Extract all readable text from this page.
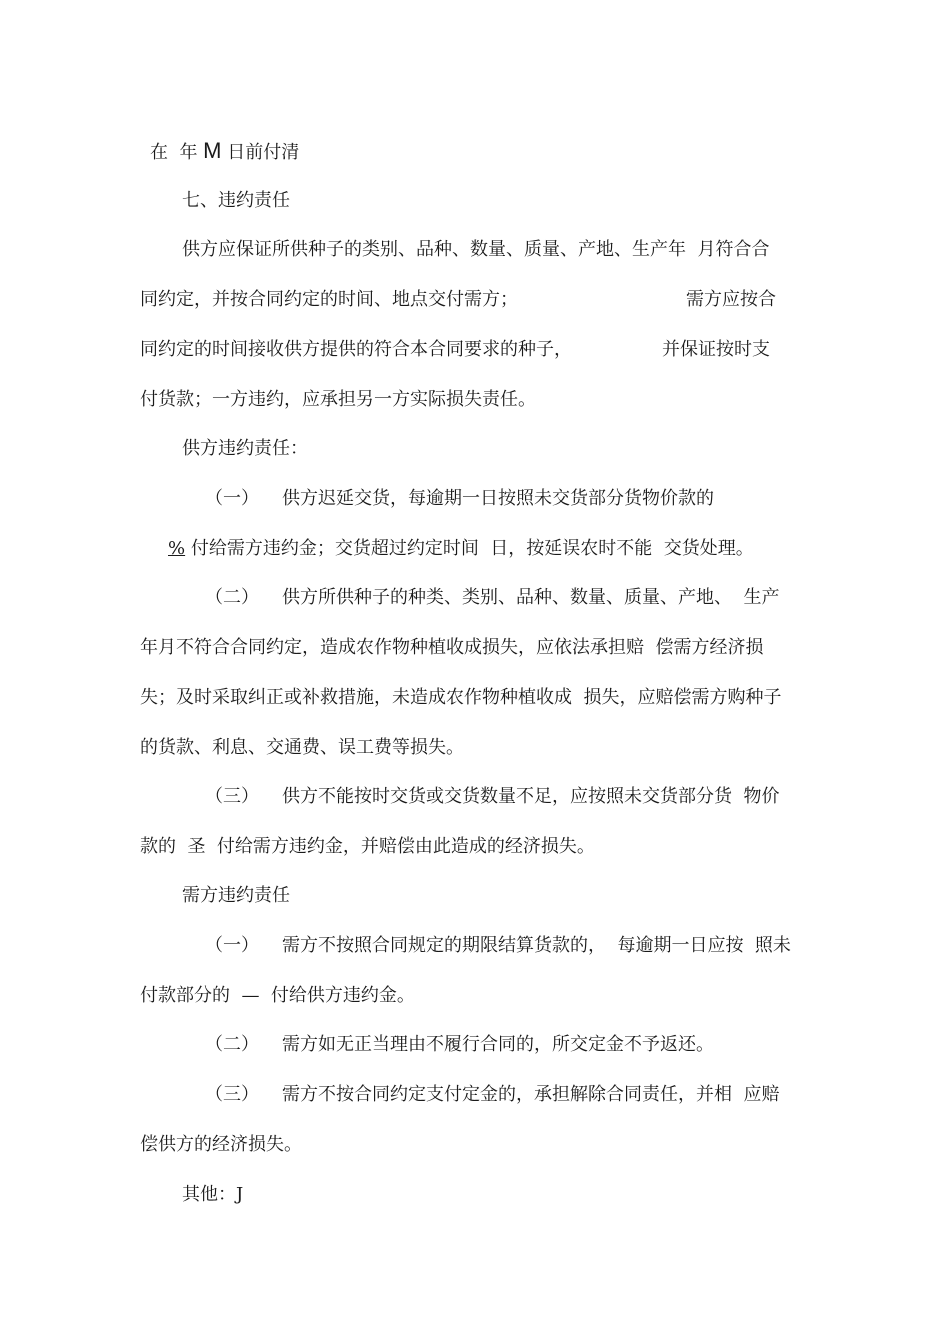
在  年 M 日前付清
七、违约责任
供方应保证所供种子的类别、品种、数量、质量、产地、生产年  月符合合
同约定，并按合同约定的时间、地点交付需方；	需方应按合
同约定的时间接收供方提供的符合本合同要求的种子，	并保证按时支
付货款；一方违约，应承担另一方实际损失责任。
供方违约责任：
（一） 供方迟延交货，每逾期一日按照未交货部分货物价款的
% 付给需方违约金；交货超过约定时间  日，按延误农时不能  交货处理。
（二） 供方所供种子的种类、类别、品种、数量、质量、产地、  生产
年月不符合合同约定，造成农作物种植收成损失，应依法承担赔  偿需方经济损
失；及时采取纠正或补救措施，未造成农作物种植收成  损失，应赔偿需方购种子
的货款、利息、交通费、误工费等损失。
（三） 供方不能按时交货或交货数量不足，应按照未交货部分货  物价
款的  圣  付给需方违约金，并赔偿由此造成的经济损失。
需方违约责任
（一） 需方不按照合同规定的期限结算货款的，  每逾期一日应按  照未
付款部分的  —  付给供方违约金。
（二） 需方如无正当理由不履行合同的，所交定金不予返还。
（三） 需方不按合同约定支付定金的，承担解除合同责任，并相  应赔
偿供方的经济损失。
其他：J
